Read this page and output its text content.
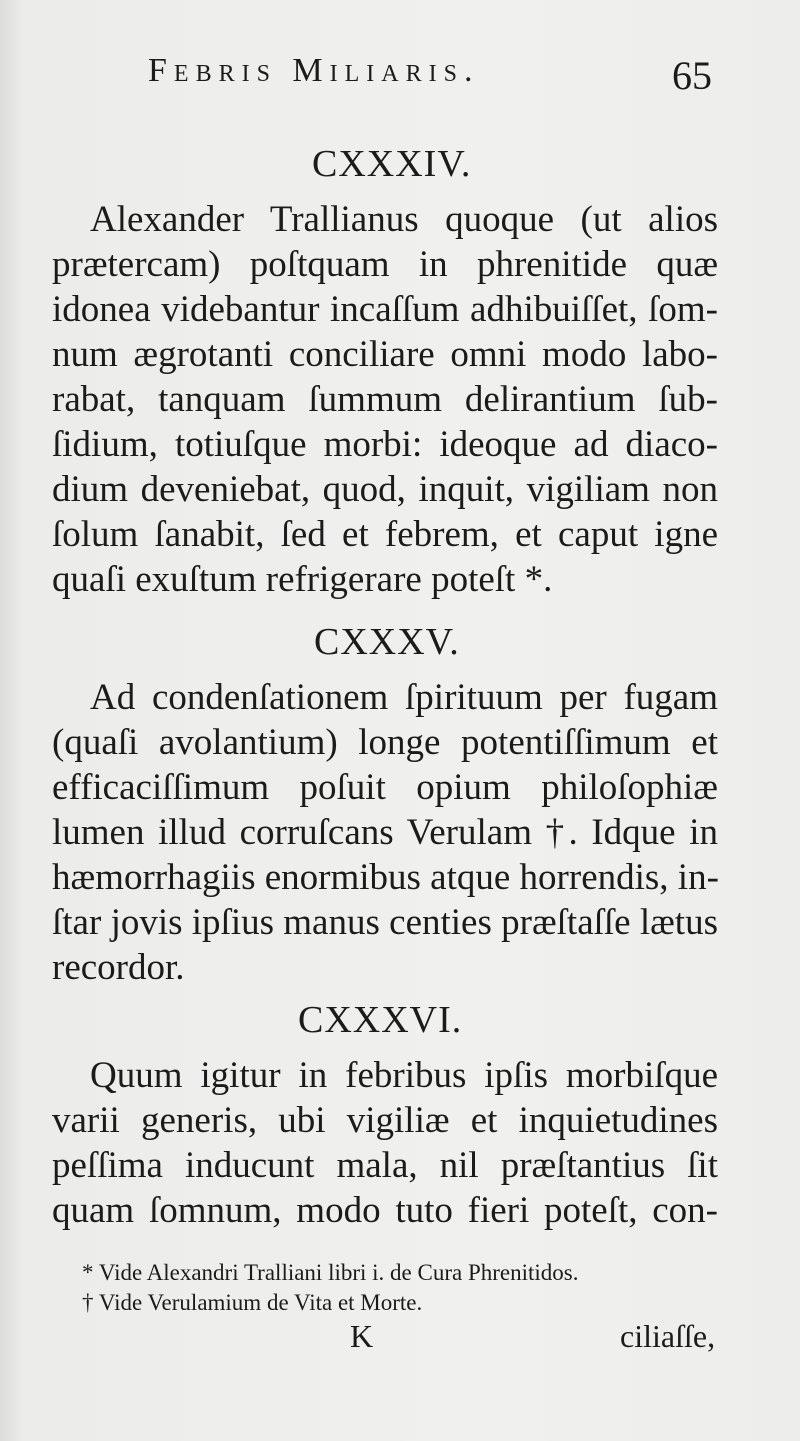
Febris Miliaris.	65
CXXXIV.
Alexander Trallianus quoque (ut alios
prætercam) poſtquam in phrenitide quæ
idonea videbantur incaſſum adhibuiſſet, ſom-
num ægrotanti conciliare omni modo labo-
rabat, tanquam ſummum delirantium ſub-
ſidium, totiuſque morbi: ideoque ad diaco-
dium deveniebat, quod, inquit, vigiliam non
ſolum ſanabit, ſed et febrem, et caput igne
quaſi exuſtum refrigerare poteſt *.
CXXXV.
Ad condenſationem ſpirituum per fugam
(quaſi avolantium) longe potentiſſimum et
efficaciſſimum poſuit opium philoſophiæ
lumen illud corruſcans Verulam †. Idque in
hæmorrhagiis enormibus atque horrendis, in-
ſtar jovis ipſius manus centies præſtaſſe lætus
recordor.
CXXXVI.
Quum igitur in febribus ipſis morbiſque
varii generis, ubi vigiliæ et inquietudines
peſſima inducunt mala, nil præſtantius ſit
quam ſomnum, modo tuto fieri poteſt, con-
* Vide Alexandri Tralliani libri i. de Cura Phrenitidos.
† Vide Verulamium de Vita et Morte.
K	ciliaſſe,
